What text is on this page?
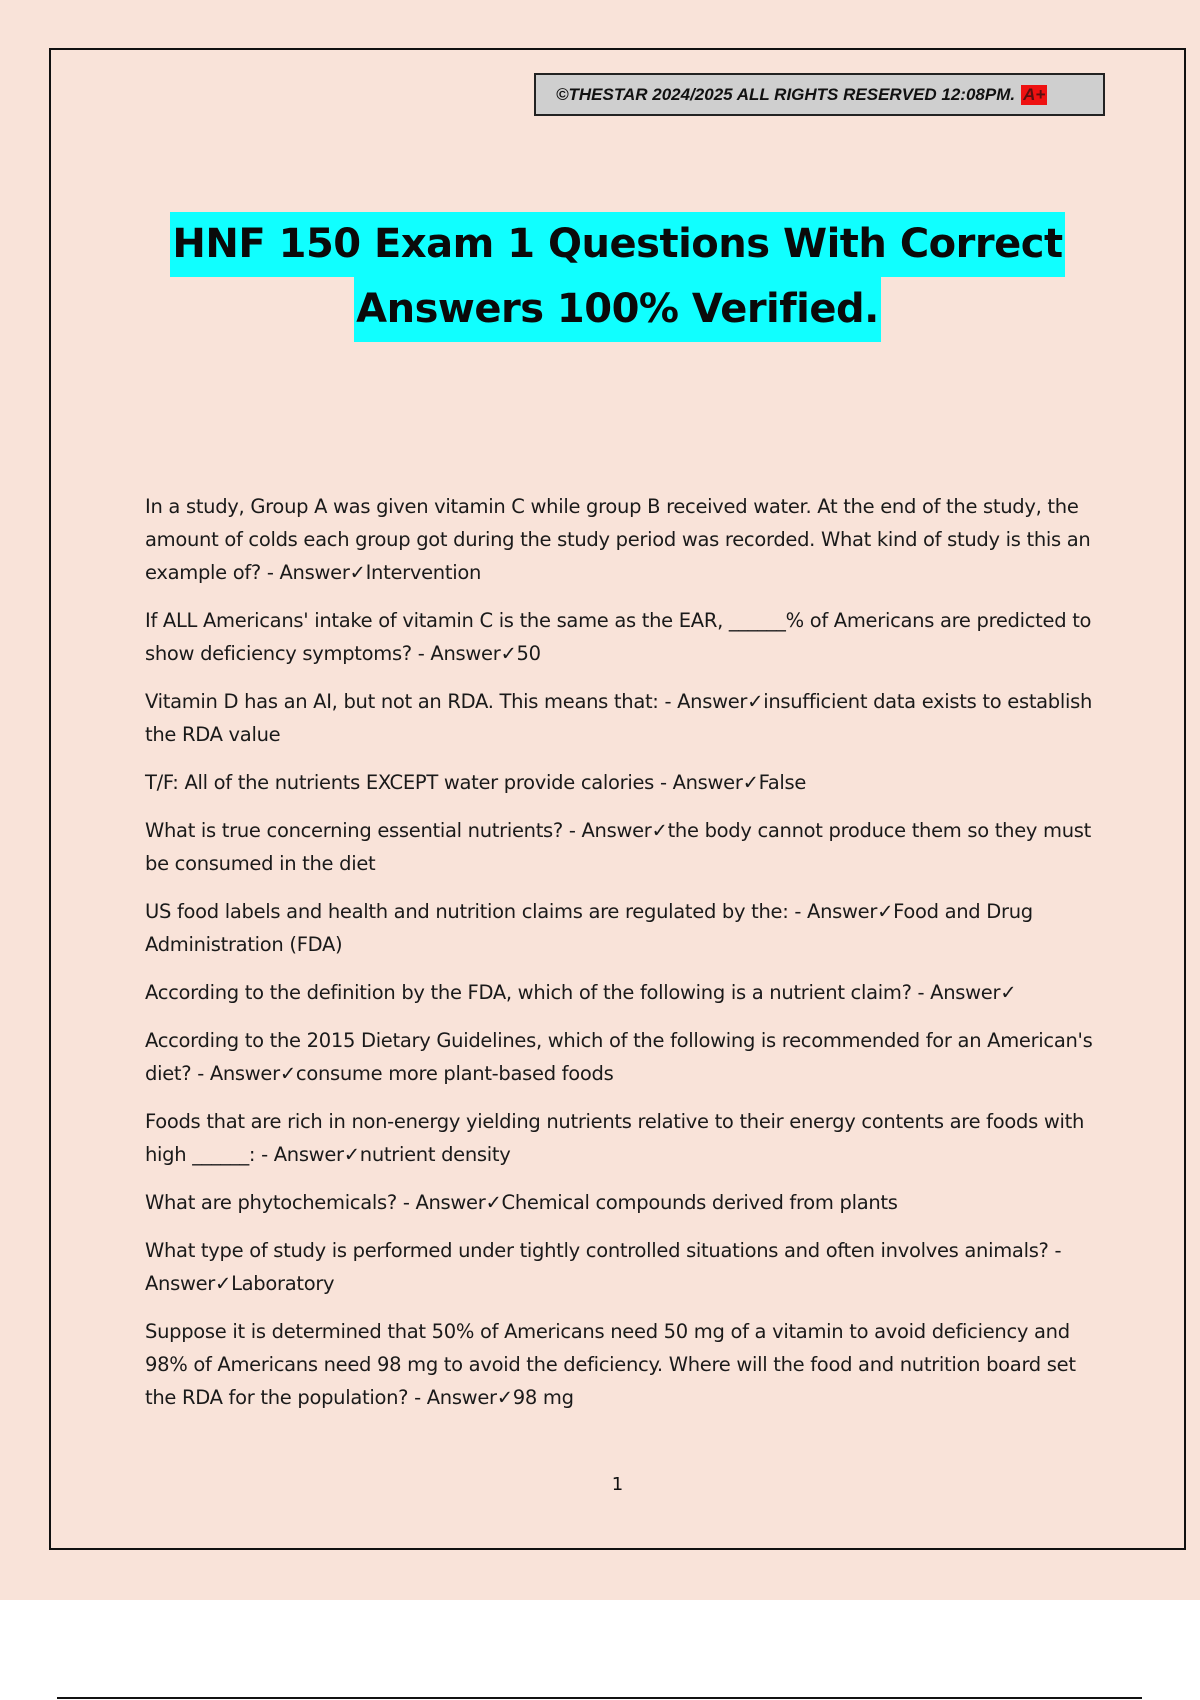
©THESTAR 2024/2025 ALL RIGHTS RESERVED 12:08PM. A+
HNF 150 Exam 1 Questions With Correct
Answers 100% Verified.
In a study, Group A was given vitamin C while group B received water. At the end of the study, the amount of colds each group got during the study period was recorded. What kind of study is this an example of? - Answer✓Intervention
If ALL Americans' intake of vitamin C is the same as the EAR, ______% of Americans are predicted to show deficiency symptoms? - Answer✓50
Vitamin D has an AI, but not an RDA. This means that: - Answer✓insufficient data exists to establish the RDA value
T/F: All of the nutrients EXCEPT water provide calories - Answer✓False
What is true concerning essential nutrients? - Answer✓the body cannot produce them so they must be consumed in the diet
US food labels and health and nutrition claims are regulated by the: - Answer✓Food and Drug Administration (FDA)
According to the definition by the FDA, which of the following is a nutrient claim? - Answer✓
According to the 2015 Dietary Guidelines, which of the following is recommended for an American's diet? - Answer✓consume more plant-based foods
Foods that are rich in non-energy yielding nutrients relative to their energy contents are foods with high ______: - Answer✓nutrient density
What are phytochemicals? - Answer✓Chemical compounds derived from plants
What type of study is performed under tightly controlled situations and often involves animals? - Answer✓Laboratory
Suppose it is determined that 50% of Americans need 50 mg of a vitamin to avoid deficiency and 98% of Americans need 98 mg to avoid the deficiency. Where will the food and nutrition board set the RDA for the population? - Answer✓98 mg
1
